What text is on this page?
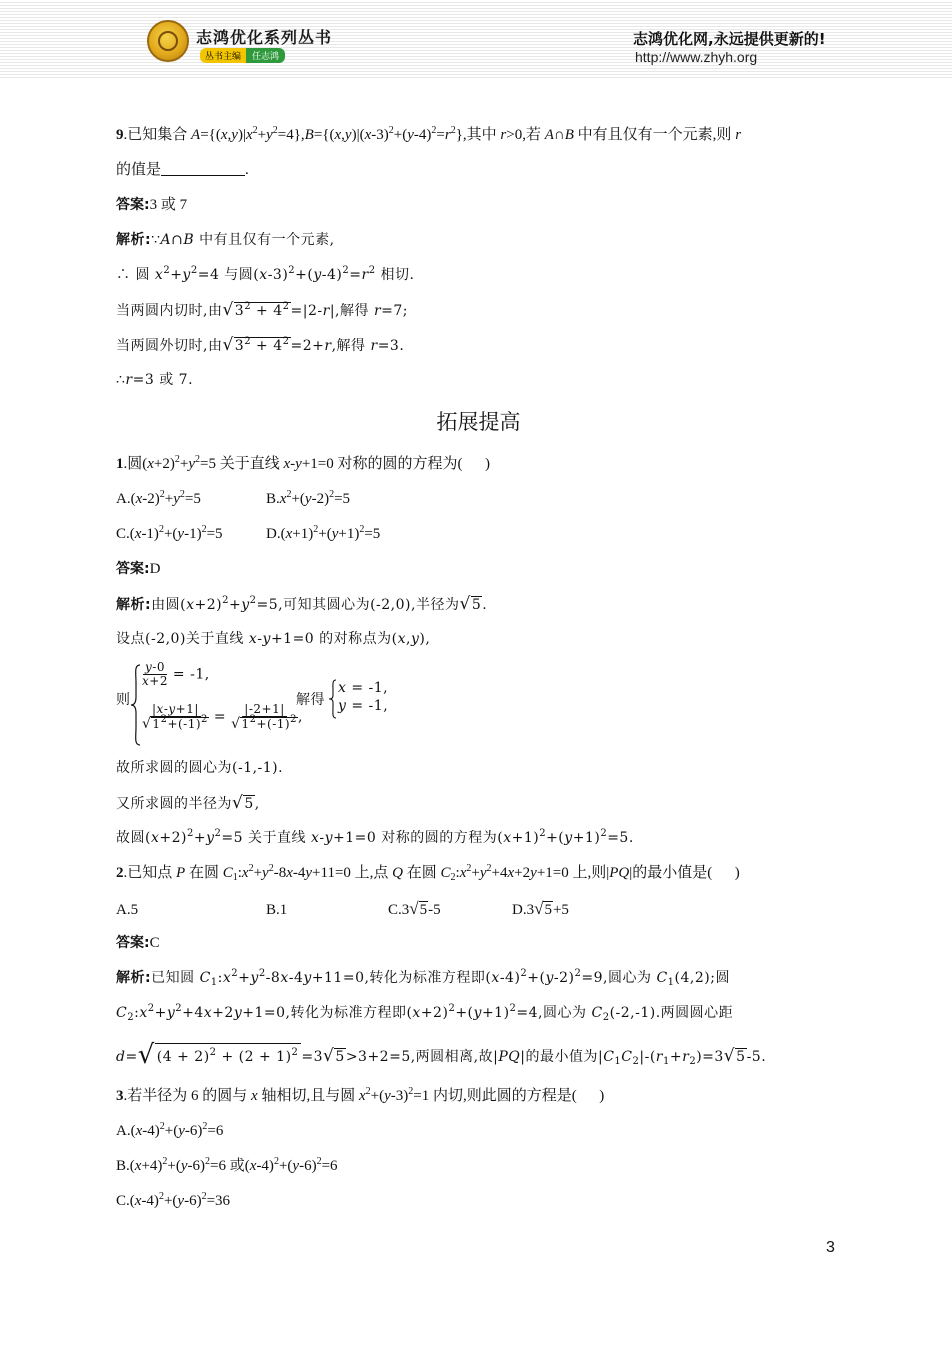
志鸿优化系列丛书
丛书主编	任志鸿
志鸿优化网,永远提供更新的!
http://www.zhyh.org
9.已知集合 $A=\{(x,y)|x^2+y^2=4\},B=\{(x,y)|(x-3)^2+(y-4)^2=r^2\}$,其中 r>0,若 A∩B 中有且仅有一个元素,则 r
的值是	.
答案:3 或 7
解析:∵A∩B 中有且仅有一个元素,
∴ 圆 $x^2+y^2=4$ 与圆$(x-3)^2+(y-4)^2=r^2$ 相切.
当两圆内切时,由$√3^2 + 4^2=|2-r|$,解得 r=7;
当两圆外切时,由$√3^2 + 4^2=2+r$,解得 r=3.
∴r=3 或 7.
拓展提高
1.圆$(x+2)^2+y^2=5$ 关于直线 x-y+1=0 对称的圆的方程为(      )
$A.(x-2)^2+y^2=5$	$B.x^2+(y-2)^2=5$
$C.(x-1)^2+(y-1)^2=5$	$D.(x+1)^2+(y+1)^2=5$
答案:D
解析:由圆$(x+2)^2+y^2=5$,可知其圆心为(-2,0),半径为√5.
设点(-2,0)关于直线 x-y+1=0 的对称点为(x,y),
则
$\frac{y-0}{x+2} = -1$,
$\frac{|x-y+1|}{√1^2+(-1)^2} = \frac{|-2+1|}{√1^2+(-1)^2}$ ,
解得
x = -1,
y = -1,
故所求圆的圆心为(-1,-1).
又所求圆的半径为√5,
故圆$(x+2)^2+y^2=5$ 关于直线 x-y+1=0 对称的圆的方程为$(x+1)^2+(y+1)^2=5$.
2.已知点 P 在圆 $C_1:x^2+y^2-8x-4y+11=0$ 上,点 Q 在圆 $C_2:x^2+y^2+4x+2y+1=0$ 上,则|PQ|的最小值是(      )
A.5	B.1	C.3√5-5	D.3√5+5
答案:C
解析:已知圆 $C_1:x^2+y^2-8x-4y+11=0$,转化为标准方程即$(x-4)^2+(y-2)^2=9$,圆心为 $C_1(4,2)$;圆
$C_2:x^2+y^2+4x+2y+1=0$,转化为标准方程即$(x+2)^2+(y+1)^2=4$,圆心为 $C_2(-2,-1)$.两圆圆心距
d=√ $(4 + 2)^2 + (2 + 1)^2 =3√5>3+2=5$,两圆相离,故|PQ|的最小值为$|C_1C_2|-(r_1+r_2)=3√5-5$.
3.若半径为 6 的圆与 x 轴相切,且与圆 $x^2+(y-3)^2=1$ 内切,则此圆的方程是(      )
$A.(x-4)^2+(y-6)^2=6$
$B.(x+4)^2+(y-6)^2=6$ 或$(x-4)^2+(y-6)^2=6$
$C.(x-4)^2+(y-6)^2=36$
3
